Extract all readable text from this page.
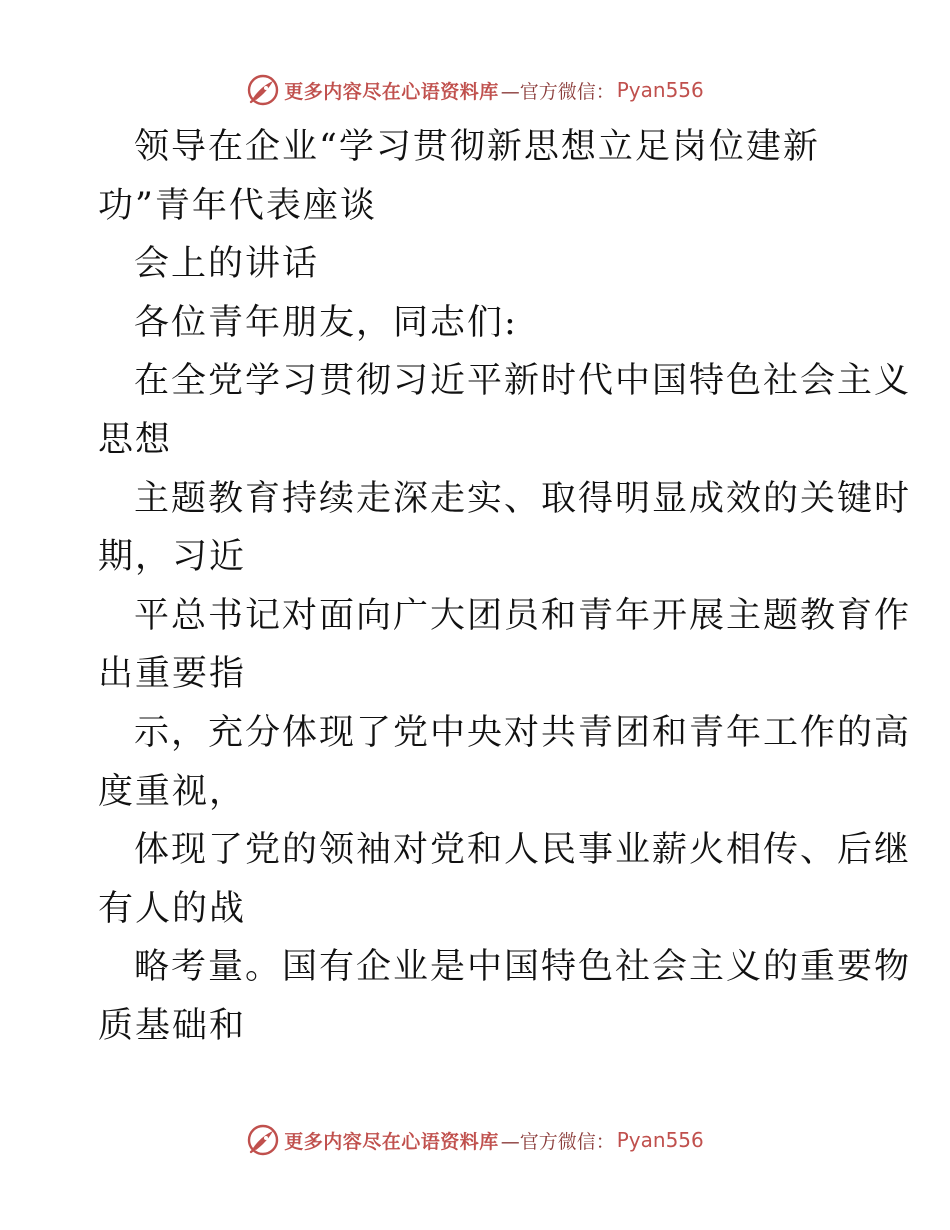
更多内容尽在心语资料库 —官方微信： Pyan556
领导在企业“学习贯彻新思想立足岗位建新
功”青年代表座谈
会上的讲话
各位青年朋友，同志们:
在全党学习贯彻习近平新时代中国特色社会主义
思想
主题教育持续走深走实、取得明显成效的关键时
期，习近
平总书记对面向广大团员和青年开展主题教育作
出重要指
示，充分体现了党中央对共青团和青年工作的高
度重视，
体现了党的领袖对党和人民事业薪火相传、后继
有人的战
略考量。国有企业是中国特色社会主义的重要物
质基础和
更多内容尽在心语资料库 —官方微信： Pyan556
